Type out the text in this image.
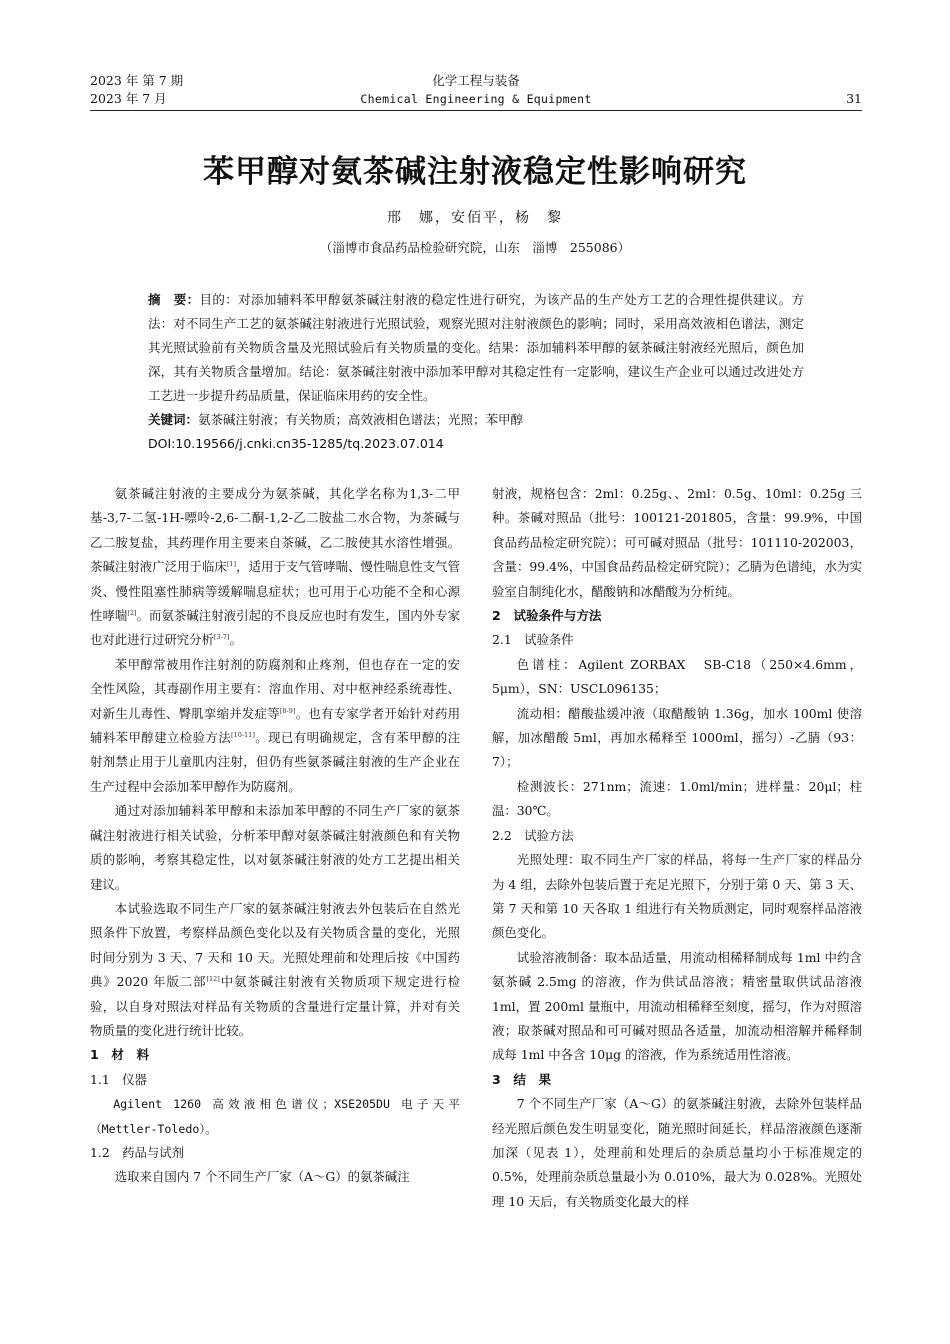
2023 年 第 7 期
2023 年 7 月
化学工程与装备
Chemical Engineering & Equipment	31
苯甲醇对氨茶碱注射液稳定性影响研究
邢　娜，安佰平，杨　黎
（淄博市食品药品检验研究院，山东　淄博　255086）

摘　要：目的：对添加辅料苯甲醇氨茶碱注射液的稳定性进行研究，为该产品的生产处方工艺的合理性提供建议。方法：对不同生产工艺的氨茶碱注射液进行光照试验，观察光照对注射液颜色的影响；同时，采用高效液相色谱法，测定其光照试验前有关物质含量及光照试验后有关物质量的变化。结果：添加辅料苯甲醇的氨茶碱注射液经光照后，颜色加深，其有关物质含量增加。结论：氨茶碱注射液中添加苯甲醇对其稳定性有一定影响，建议生产企业可以通过改进处方工艺进一步提升药品质量，保证临床用药的安全性。

关键词：氨茶碱注射液；有关物质；高效液相色谱法；光照；苯甲醇

DOI:10.19566/j.cnki.cn35-1285/tq.2023.07.014

氨茶碱注射液的主要成分为氨茶碱，其化学名称为1,3-二甲基-3,7-二氢-1H-嘌呤-2,6-二酮-1,2-乙二胺盐二水合物，为茶碱与乙二胺复盐，其药理作用主要来自茶碱，乙二胺使其水溶性增强。茶碱注射液广泛用于临床[1]，适用于支气管哮喘、慢性喘息性支气管炎、慢性阻塞性肺病等缓解喘息症状；也可用于心功能不全和心源性哮喘[2]。而氨茶碱注射液引起的不良反应也时有发生，国内外专家也对此进行过研究分析[3-7]。

苯甲醇常被用作注射剂的防腐剂和止疼剂，但也存在一定的安全性风险，其毒副作用主要有：溶血作用、对中枢神经系统毒性、对新生儿毒性、臀肌挛缩并发症等[8-9]。也有专家学者开始针对药用辅料苯甲醇建立检验方法[10-11]。现已有明确规定，含有苯甲醇的注射剂禁止用于儿童肌内注射，但仍有些氨茶碱注射液的生产企业在生产过程中会添加苯甲醇作为防腐剂。

通过对添加辅料苯甲醇和未添加苯甲醇的不同生产厂家的氨茶碱注射液进行相关试验，分析苯甲醇对氨茶碱注射液颜色和有关物质的影响，考察其稳定性，以对氨茶碱注射液的处方工艺提出相关建议。

本试验选取不同生产厂家的氨茶碱注射液去外包装后在自然光照条件下放置，考察样品颜色变化以及有关物质含量的变化，光照时间分别为 3 天、7 天和 10 天。光照处理前和处理后按《中国药典》2020 年版二部[12]中氨茶碱注射液有关物质项下规定进行检验，以自身对照法对样品有关物质的含量进行定量计算，并对有关物质量的变化进行统计比较。

1　材　料
1.1　仪器

Agilent 1260 高效液相色谱仪；XSE205DU 电子天平（Mettler-Toledo）。

1.2　药品与试剂

选取来自国内 7 个不同生产厂家（A～G）的氨茶碱注

射液，规格包含：2ml：0.25g、、2ml：0.5g、10ml：0.25g 三种。茶碱对照品（批号：100121-201805，含量：99.9%，中国食品药品检定研究院）；可可碱对照品（批号：101110-202003，含量：99.4%，中国食品药品检定研究院）；乙腈为色谱纯，水为实验室自制纯化水，醋酸钠和冰醋酸为分析纯。

2　试验条件与方法
2.1　试验条件

色谱柱：Agilent ZORBAX　SB-C18（250×4.6mm，5μm），SN：USCL096135；

流动相：醋酸盐缓冲液（取醋酸钠 1.36g，加水 100ml 使溶解，加冰醋酸 5ml，再加水稀释至 1000ml，摇匀）-乙腈（93：7）；

检测波长：271nm；流速：1.0ml/min；进样量：20μl；柱温：30℃。

2.2　试验方法

光照处理：取不同生产厂家的样品，将每一生产厂家的样品分为 4 组，去除外包装后置于充足光照下，分别于第 0 天、第 3 天、第 7 天和第 10 天各取 1 组进行有关物质测定，同时观察样品溶液颜色变化。

试验溶液制备：取本品适量，用流动相稀释制成每 1ml 中约含氨茶碱 2.5mg 的溶液，作为供试品溶液；精密量取供试品溶液 1ml，置 200ml 量瓶中，用流动相稀释至刻度，摇匀，作为对照溶液；取茶碱对照品和可可碱对照品各适量，加流动相溶解并稀释制成每 1ml 中各含 10μg 的溶液，作为系统适用性溶液。

3　结　果

7 个不同生产厂家（A～G）的氨茶碱注射液，去除外包装样品经光照后颜色发生明显变化，随光照时间延长，样品溶液颜色逐渐加深（见表 1），处理前和处理后的杂质总量均小于标准规定的 0.5%，处理前杂质总量最小为 0.010%，最大为 0.028%。光照处理 10 天后，有关物质变化最大的样
